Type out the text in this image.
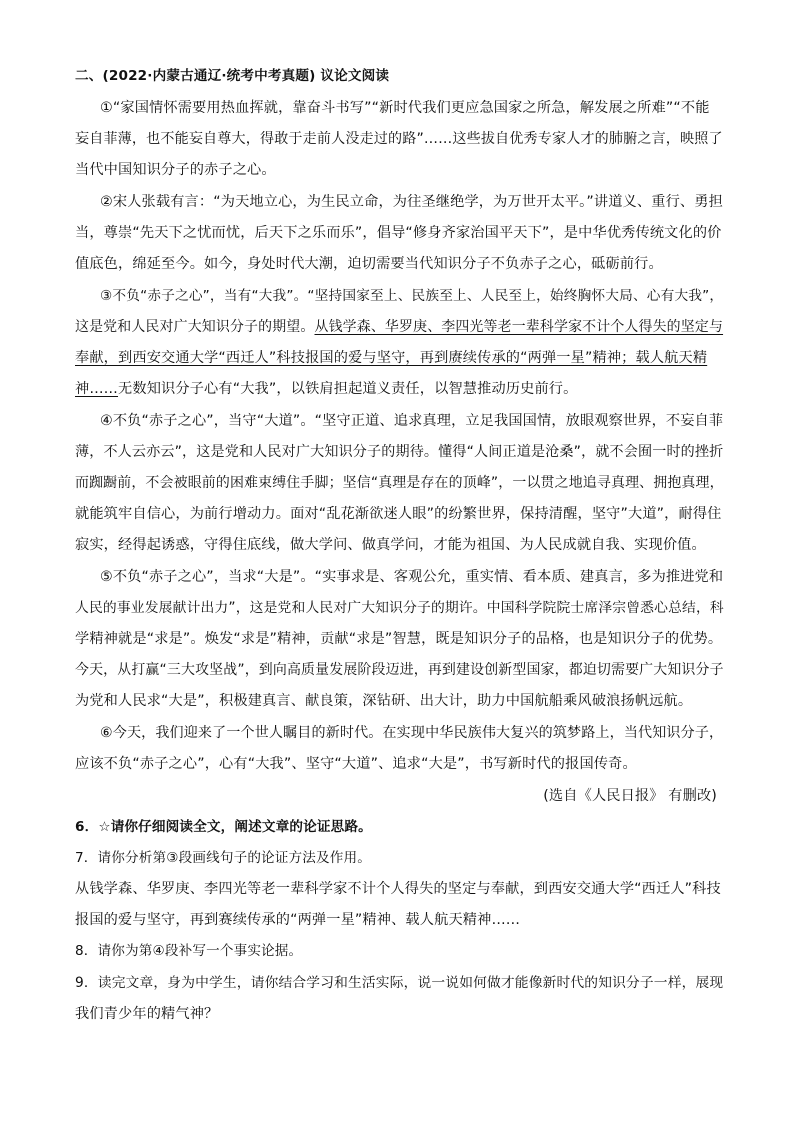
二、(2022·内蒙古通辽·统考中考真题) 议论文阅读
①“家国情怀需要用热血挥就，靠奋斗书写”“新时代我们更应急国家之所急，解发展之所难”“不能
妄自菲薄，也不能妄自尊大，得敢于走前人没走过的路”……这些拔自优秀专家人才的肺腑之言，映照了
当代中国知识分子的赤子之心。
②宋人张载有言：“为天地立心，为生民立命，为往圣继绝学，为万世开太平。”讲道义、重行、勇担
当，尊崇“先天下之忧而忧，后天下之乐而乐”，倡导“修身齐家治国平天下”，是中华优秀传统文化的价
值底色，绵延至今。如今，身处时代大潮，迫切需要当代知识分子不负赤子之心，砥砺前行。
③不负“赤子之心”，当有“大我”。“坚持国家至上、民族至上、人民至上，始终胸怀大局、心有大我”，
这是党和人民对广大知识分子的期望。从钱学森、华罗庚、李四光等老一辈科学家不计个人得失的坚定与
奉献，到西安交通大学“西迁人”科技报国的爱与坚守，再到赓续传承的“两弹一星”精神；载人航天精
神……无数知识分子心有“大我”，以铁肩担起道义责任，以智慧推动历史前行。
④不负“赤子之心”，当守“大道”。“坚守正道、追求真理，立足我国国情，放眼观察世界，不妄自菲
薄，不人云亦云”，这是党和人民对广大知识分子的期待。懂得“人间正道是沧桑”，就不会囿一时的挫折
而踟蹰前，不会被眼前的困难束缚住手脚；坚信“真理是存在的顶峰”，一以贯之地追寻真理、拥抱真理，
就能筑牢自信心，为前行增动力。面对“乱花渐欲迷人眼”的纷繁世界，保持清醒，坚守”大道”，耐得住
寂实，经得起诱惑，守得住底线，做大学问、做真学问，才能为祖国、为人民成就自我、实现价值。
⑤不负“赤子之心”，当求“大是”。“实事求是、客观公允，重实情、看本质、建真言，多为推进党和
人民的事业发展献计出力”，这是党和人民对广大知识分子的期许。中国科学院院士席泽宗曾悉心总结，科
学精神就是“求是”。焕发“求是”精神，贡献“求是”智慧，既是知识分子的品格，也是知识分子的优势。
今天，从打赢“三大攻坚战”，到向高质量发展阶段迈进，再到建设创新型国家，都迫切需要广大知识分子
为党和人民求“大是”，积极建真言、献良策，深钻研、出大计，助力中国航船乘风破浪扬帆远航。
⑥今天，我们迎来了一个世人瞩目的新时代。在实现中华民族伟大复兴的筑梦路上，当代知识分子，
应该不负“赤子之心”，心有“大我”、坚守“大道”、追求“大是”，书写新时代的报国传奇。
(选自《人民日报》 有删改)
6．☆请你仔细阅读全文，阐述文章的论证思路。
7．请你分析第③段画线句子的论证方法及作用。
从钱学森、华罗庚、李四光等老一辈科学家不计个人得失的坚定与奉献，到西安交通大学“西迁人”科技
报国的爱与坚守，再到赛续传承的“两弹一星”精神、载人航天精神……
8．请你为第④段补写一个事实论据。
9．读完文章，身为中学生，请你结合学习和生活实际，说一说如何做才能像新时代的知识分子一样，展现
我们青少年的精气神？
